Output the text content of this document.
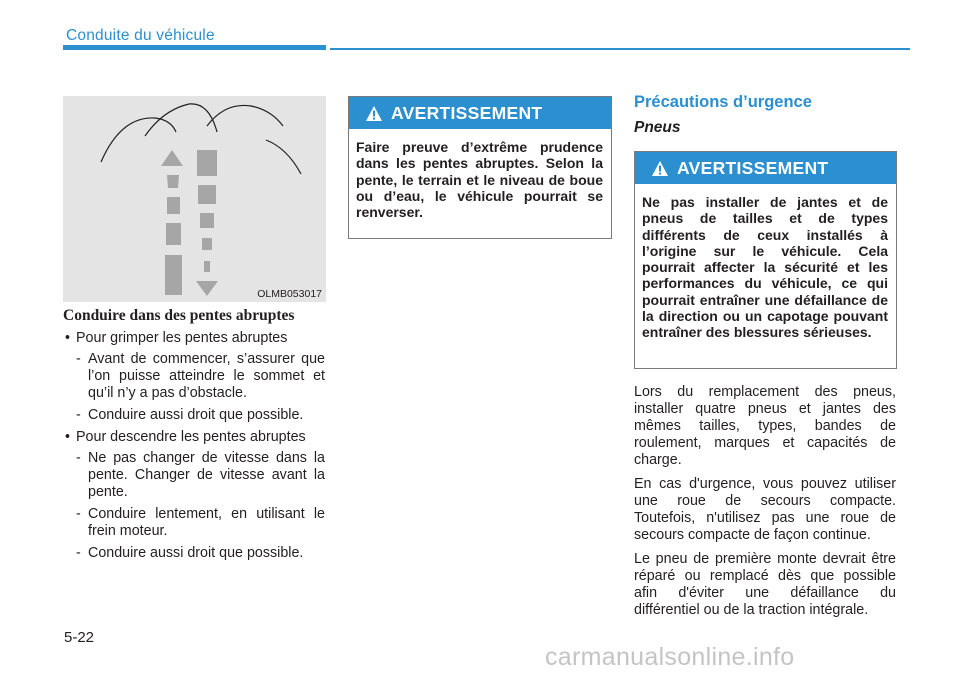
Conduite du véhicule
OLMB053017
Conduire dans des pentes abruptes
• Pour grimper les pentes abruptes
- Avant de commencer, s’assurer que l’on puisse atteindre le sommet et qu’il n’y a pas d’obstacle.
- Conduire aussi droit que possible.
• Pour descendre les pentes abruptes
- Ne pas changer de vitesse dans la pente. Changer de vitesse avant la pente.
- Conduire lentement, en utilisant le frein moteur.
- Conduire aussi droit que possible.
AVERTISSEMENT
Faire preuve d’extrême prudence dans les pentes abruptes. Selon la pente, le terrain et le niveau de boue ou d’eau, le véhicule pourrait se renverser.
Précautions d’urgence
Pneus
AVERTISSEMENT
Ne pas installer de jantes et de pneus de tailles et de types différents de ceux installés à l’origine sur le véhicule. Cela pourrait affecter la sécurité et les performances du véhicule, ce qui pourrait entraîner une défaillance de la direction ou un capotage pouvant entraîner des blessures sérieuses.

Lors du remplacement des pneus, installer quatre pneus et jantes des mêmes tailles, types, bandes de roulement, marques et capacités de charge.

En cas d'urgence, vous pouvez utiliser une roue de secours compacte. Toutefois, n'utilisez pas une roue de secours compacte de façon continue.

Le pneu de première monte devrait être réparé ou remplacé dès que possible afin d'éviter une défaillance du différentiel ou de la traction intégrale.

5-22
carmanualsonline.info
